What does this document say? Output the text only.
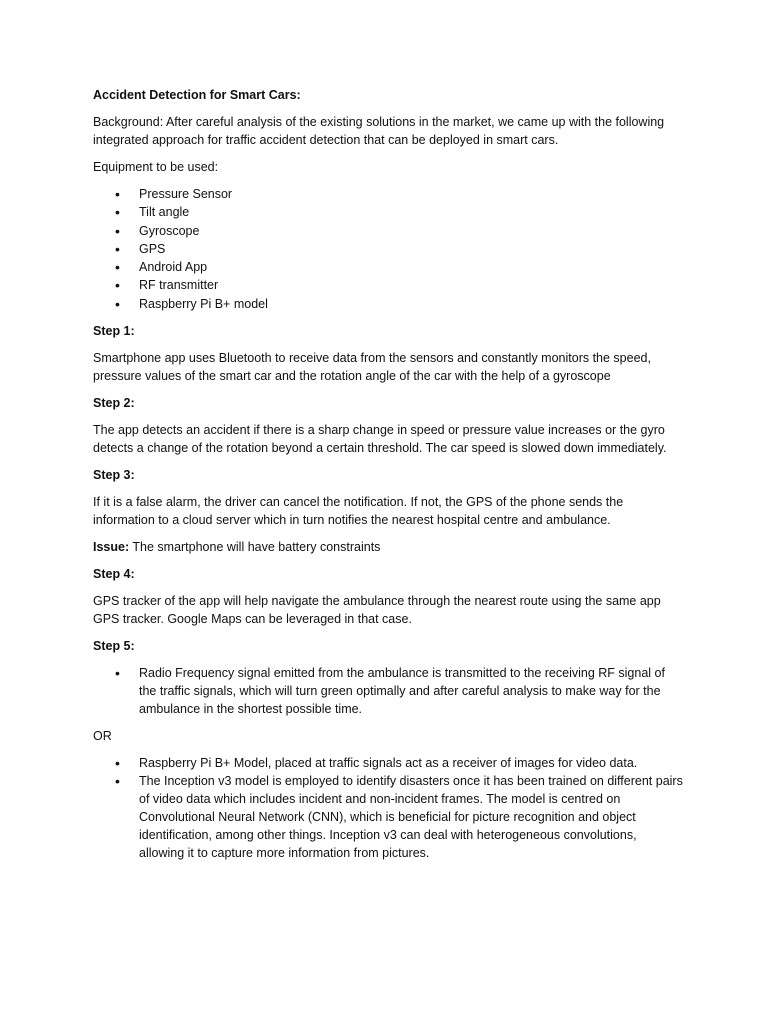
Accident Detection for Smart Cars:

Background: After careful analysis of the existing solutions in the market, we came up with the following integrated approach for traffic accident detection that can be deployed in smart cars.

Equipment to be used:

• Pressure Sensor
• Tilt angle
• Gyroscope
• GPS
• Android App
• RF transmitter
• Raspberry Pi B+ model

Step 1:

Smartphone app uses Bluetooth to receive data from the sensors and constantly monitors the speed, pressure values of the smart car and the rotation angle of the car with the help of a gyroscope

Step 2:

The app detects an accident if there is a sharp change in speed or pressure value increases or the gyro detects a change of the rotation beyond a certain threshold. The car speed is slowed down immediately.

Step 3:

If it is a false alarm, the driver can cancel the notification. If not, the GPS of the phone sends the information to a cloud server which in turn notifies the nearest hospital centre and ambulance.

Issue: The smartphone will have battery constraints

Step 4:

GPS tracker of the app will help navigate the ambulance through the nearest route using the same app GPS tracker. Google Maps can be leveraged in that case.

Step 5:

• Radio Frequency signal emitted from the ambulance is transmitted to the receiving RF signal of the traffic signals, which will turn green optimally and after careful analysis to make way for the ambulance in the shortest possible time.

OR

• Raspberry Pi B+ Model, placed at traffic signals act as a receiver of images for video data.
• The Inception v3 model is employed to identify disasters once it has been trained on different pairs of video data which includes incident and non-incident frames. The model is centred on Convolutional Neural Network (CNN), which is beneficial for picture recognition and object identification, among other things. Inception v3 can deal with heterogeneous convolutions, allowing it to capture more information from pictures.
